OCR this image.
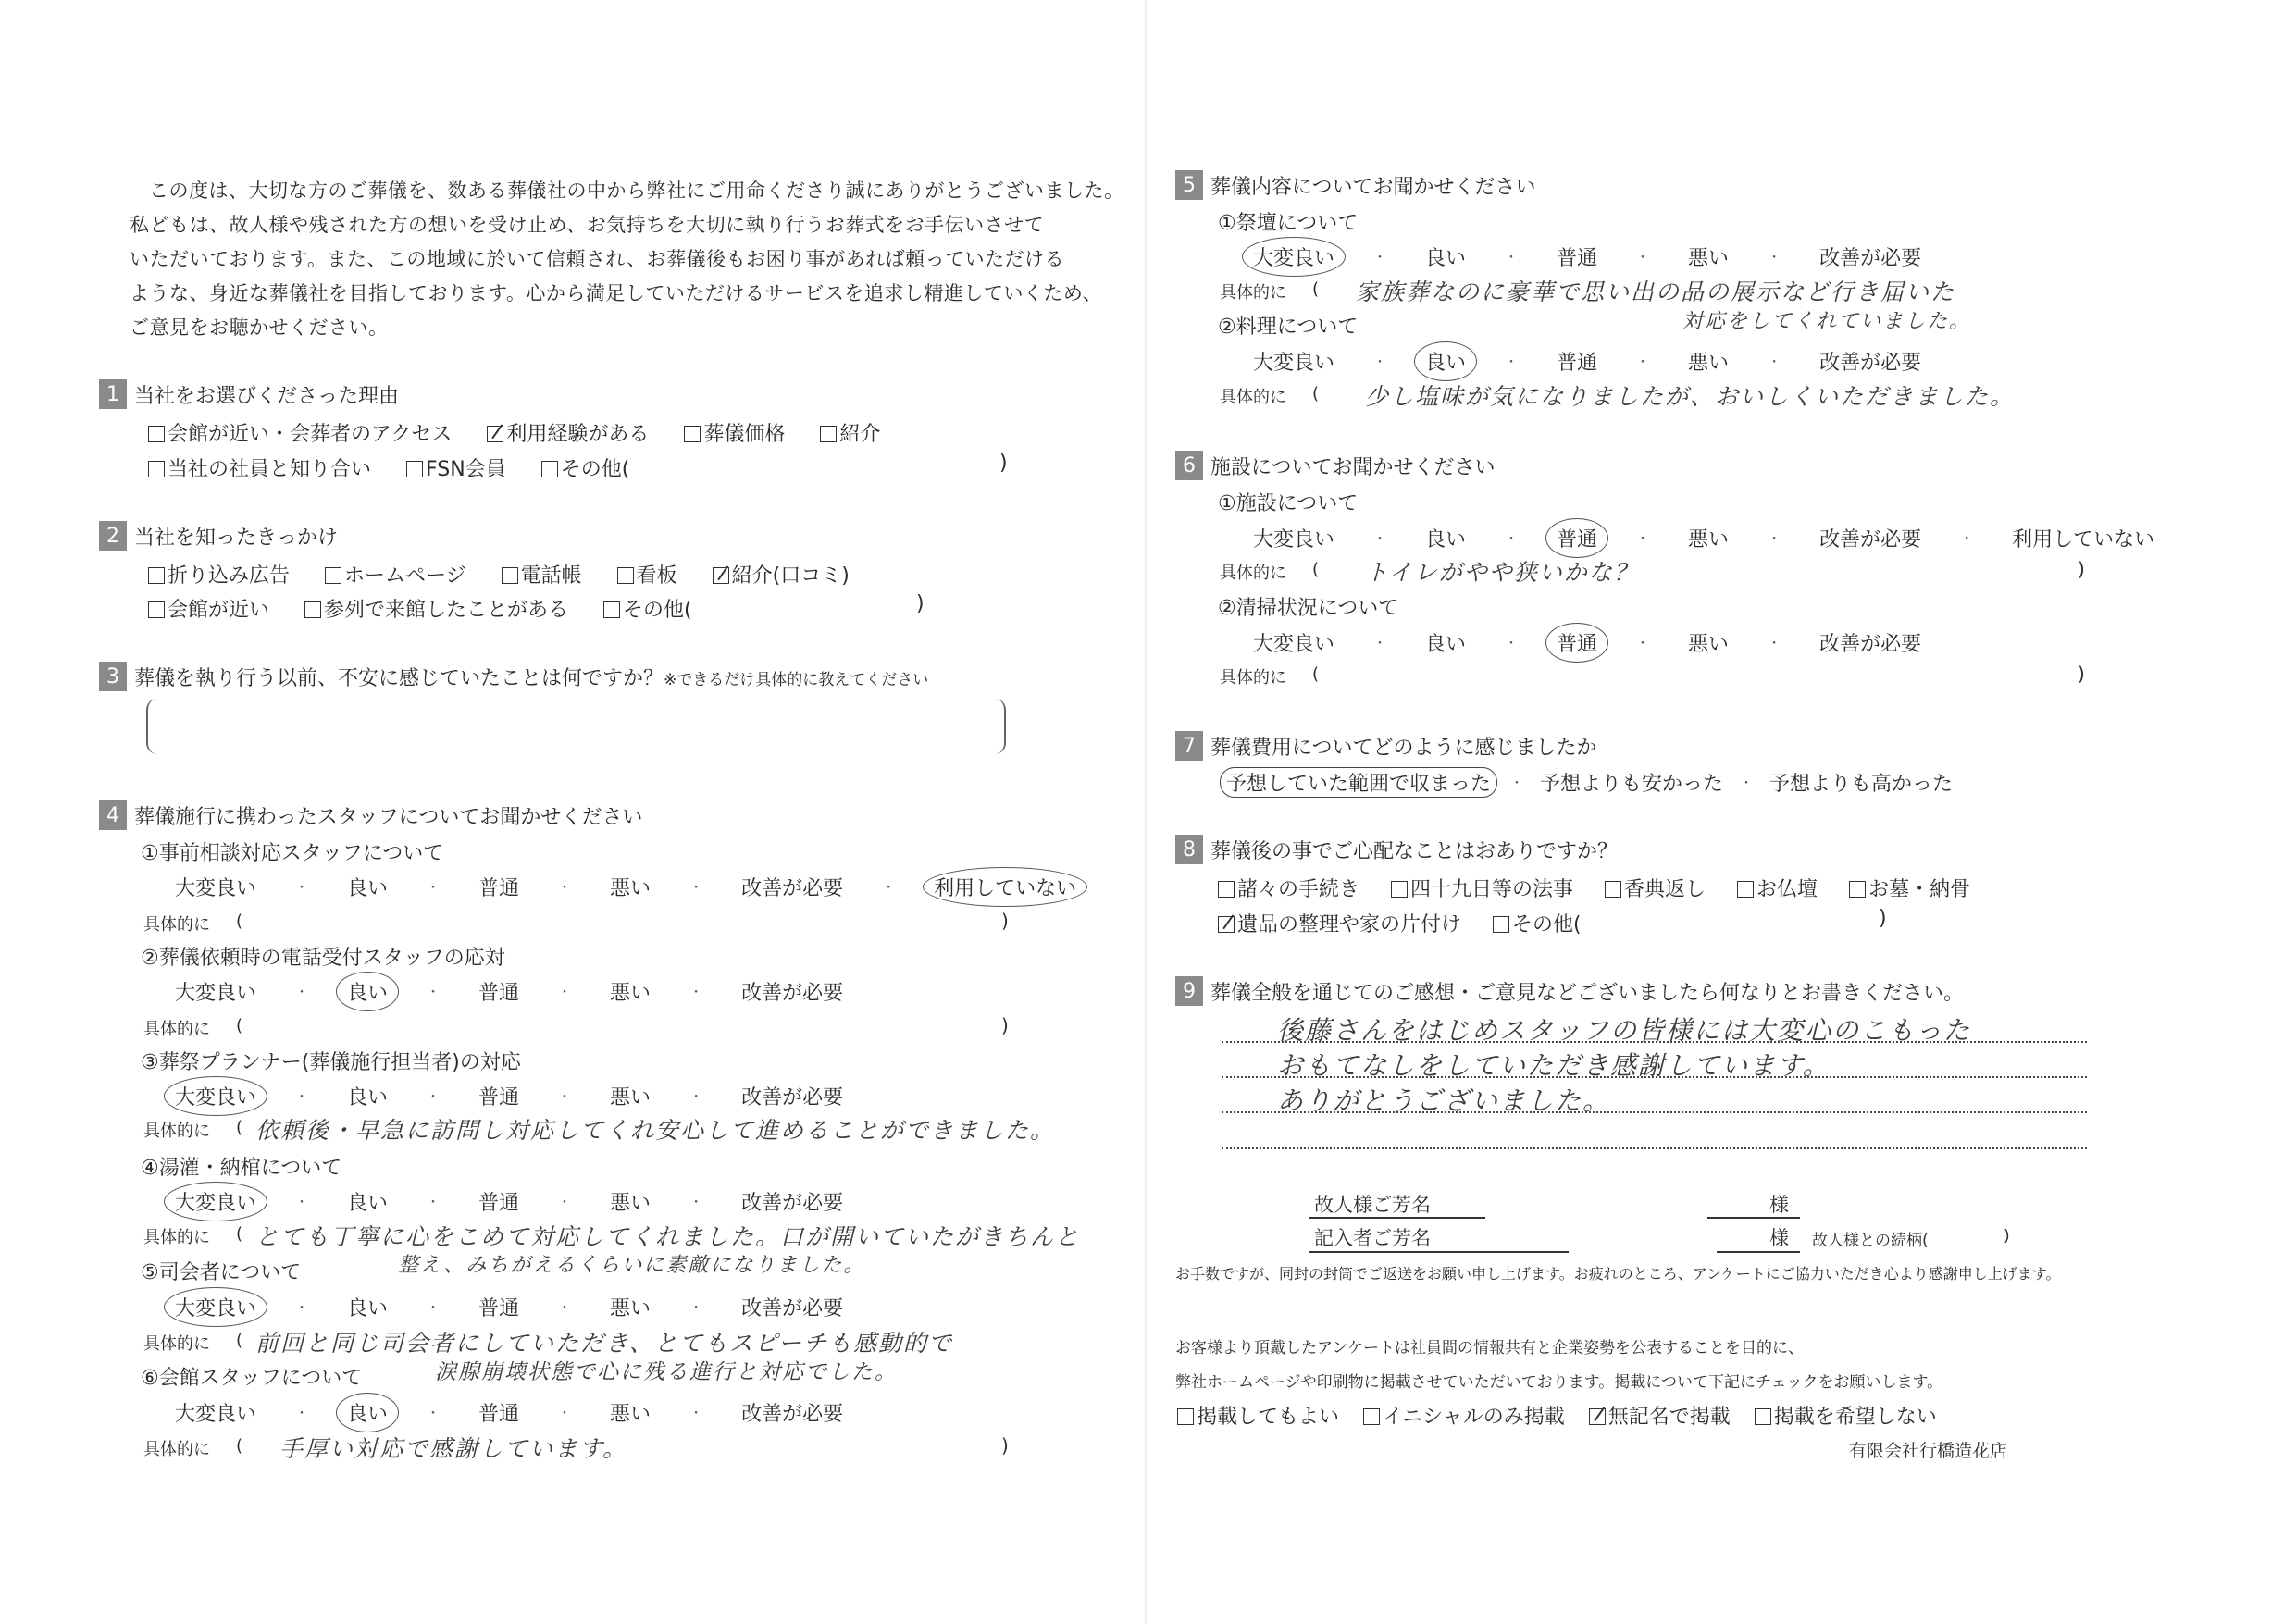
この度は、大切な方のご葬儀を、数ある葬儀社の中から弊社にご用命くださり誠にありがとうございました。
私どもは、故人様や残された方の想いを受け止め、お気持ちを大切に執り行うお葬式をお手伝いさせて
いただいております。また、この地域に於いて信頼され、お葬儀後もお困り事があれば頼っていただける
ような、身近な葬儀社を目指しております。心から満足していただけるサービスを追求し精進していくため、
ご意見をお聴かせください。
1 当社をお選びくださった理由
会館が近い・会葬者のアクセス	利用経験がある	葬儀価格	紹介
当社の社員と知り合い	FSN会員	その他(	)
2 当社を知ったきっかけ
折り込み広告	ホームページ	電話帳	看板	紹介(口コミ)
会館が近い	参列で来館したことがある	その他(	)
3 葬儀を執り行う以前、不安に感じていたことは何ですか？※できるだけ具体的に教えてください
4 葬儀施行に携わったスタッフについてお聞かせください
①事前相談対応スタッフについて
大変良い	・ 良い	・ 普通	・ 悪い	・ 改善が必要	・ 利用していない
具体的に	(	)
②葬儀依頼時の電話受付スタッフの応対
大変良い	・ 良い	・ 普通	・ 悪い	・ 改善が必要
具体的に	(	)
③葬祭プランナー(葬儀施行担当者)の対応
大変良い	・ 良い	・ 普通	・ 悪い	・ 改善が必要
具体的に	( 依頼後・早急に訪問し対応してくれ安心して進めることができました。
④湯灌・納棺について
大変良い	・ 良い	・ 普通	・ 悪い	・ 改善が必要
具体的に	( とても丁寧に心をこめて対応してくれました。口が開いていたがきちんと
⑤司会者について	整え、みちがえるくらいに素敵になりました。
大変良い	・ 良い	・ 普通	・ 悪い	・ 改善が必要
具体的に	( 前回と同じ司会者にしていただき、とてもスピーチも感動的で
⑥会館スタッフについて	涙腺崩壊状態で心に残る進行と対応でした。
大変良い	・ 良い	・ 普通	・ 悪い	・ 改善が必要
具体的に	( 手厚い対応で感謝しています。	)
5 葬儀内容についてお聞かせください
①祭壇について
大変良い	・ 良い	・ 普通	・ 悪い	・ 改善が必要
具体的に	( 家族葬なのに豪華で思い出の品の展示など行き届いた
②料理について	対応をしてくれていました。
大変良い	・ 良い	・ 普通	・ 悪い	・ 改善が必要
具体的に	( 少し塩味が気になりましたが、おいしくいただきました。
6 施設についてお聞かせください
①施設について
大変良い	・ 良い	・ 普通	・ 悪い	・ 改善が必要	・ 利用していない
具体的に	( トイレがやや狭いかな？	)
②清掃状況について
大変良い	・ 良い	・ 普通	・ 悪い	・ 改善が必要
具体的に	(	)
7 葬儀費用についてどのように感じましたか
予想していた範囲で収まった	・ 予想よりも安かった ・ 予想よりも高かった
8 葬儀後の事でご心配なことはおありですか？
諸々の手続き	四十九日等の法事	香典返し	お仏壇	お墓・納骨
遺品の整理や家の片付け	その他(	)
9 葬儀全般を通じてのご感想・ご意見などございましたら何なりとお書きください。
後藤さんをはじめスタッフの皆様には大変心のこもった
おもてなしをしていただき感謝しています。
ありがとうございました。
故人様ご芳名	様
記入者ご芳名	様 故人様との続柄(	)
お手数ですが、同封の封筒でご返送をお願い申し上げます。お疲れのところ、アンケートにご協力いただき心より感謝申し上げます。
お客様より頂戴したアンケートは社員間の情報共有と企業姿勢を公表することを目的に、
弊社ホームページや印刷物に掲載させていただいております。掲載について下記にチェックをお願いします。
掲載してもよい イニシャルのみ掲載 無記名で掲載 掲載を希望しない
有限会社行橋造花店
